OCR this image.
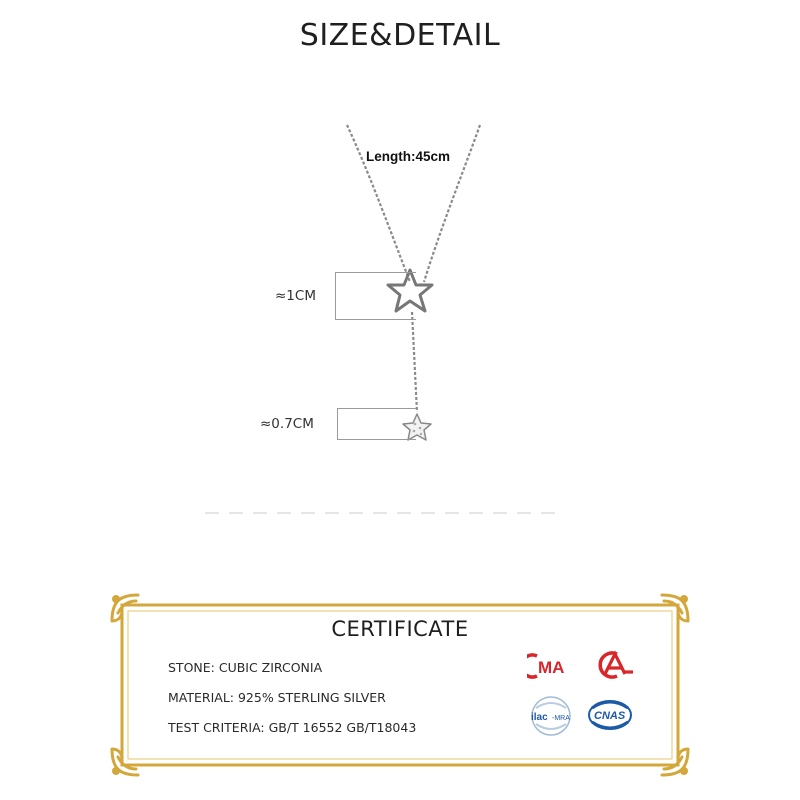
SIZE&DETAIL
Length:45cm
≈1CM
≈0.7CM
CERTIFICATE
STONE: CUBIC ZIRCONIA
MATERIAL: 925% STERLING SILVER
TEST CRITERIA: GB/T 16552 GB/T18043
MA
ilac -MRA CNAS
